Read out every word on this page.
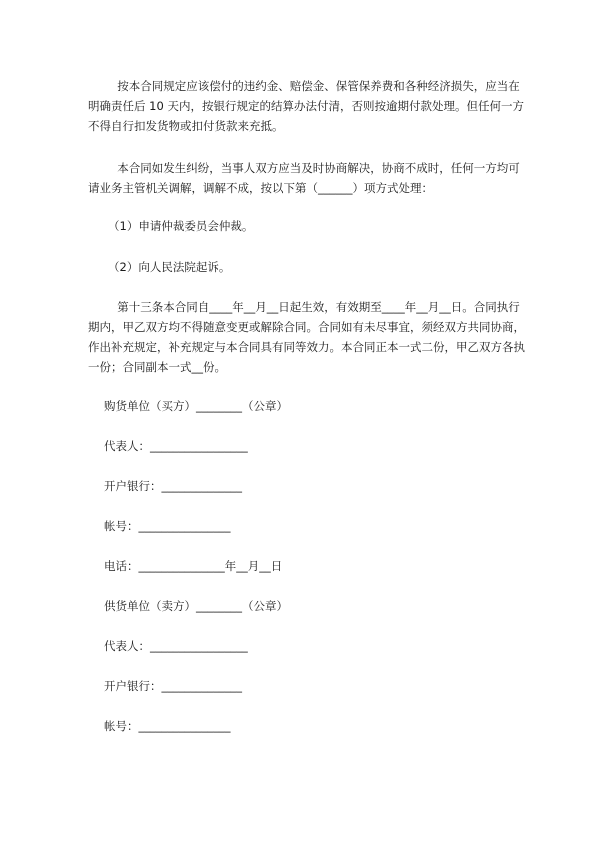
按本合同规定应该偿付的违约金、赔偿金、保管保养费和各种经济损失，应当在明确责任后 10 天内，按银行规定的结算办法付清，否则按逾期付款处理。但任何一方不得自行扣发货物或扣付货款来充抵。

本合同如发生纠纷，当事人双方应当及时协商解决，协商不成时，任何一方均可请业务主管机关调解，调解不成，按以下第（______）项方式处理：

（1）申请仲裁委员会仲裁。

（2）向人民法院起诉。

第十三条本合同自____年__月__日起生效，有效期至____年__月__日。合同执行期内，甲乙双方均不得随意变更或解除合同。合同如有未尽事宜，须经双方共同协商，作出补充规定，补充规定与本合同具有同等效力。本合同正本一式二份，甲乙双方各执一份；合同副本一式__份。

购货单位（买方）________（公章）

代表人：_________________

开户银行：______________

帐号：________________

电话：_______________年__月__日

供货单位（卖方）________（公章）

代表人：_________________

开户银行：______________

帐号：________________
